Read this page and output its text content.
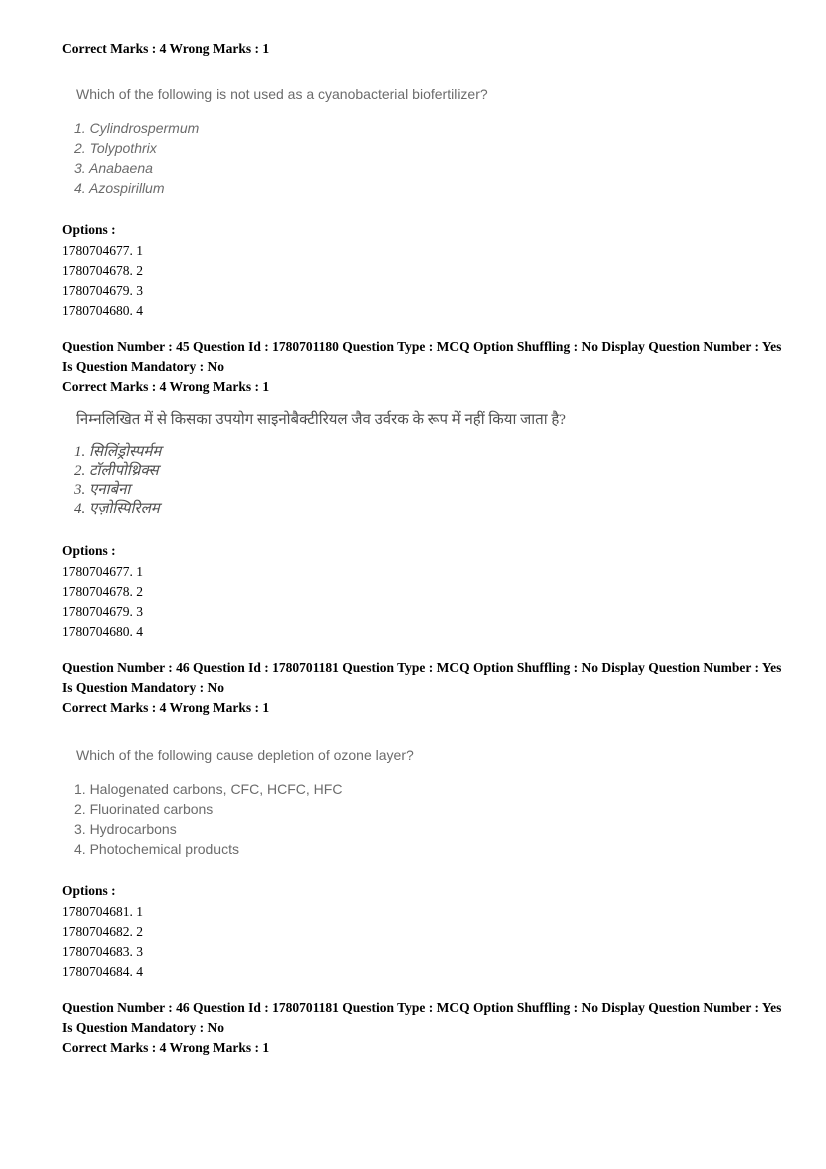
Correct Marks : 4 Wrong Marks : 1

Which of the following is not used as a cyanobacterial biofertilizer?

1. Cylindrospermum

2. Tolypothrix

3. Anabaena

4. Azospirillum

Options :

1780704677. 1

1780704678. 2

1780704679. 3

1780704680. 4

Question Number : 45 Question Id : 1780701180 Question Type : MCQ Option Shuffling : No Display Question Number : Yes

Is Question Mandatory : No

Correct Marks : 4 Wrong Marks : 1

निम्नलिखित में से किसका उपयोग साइनोबैक्टीरियल जैव उर्वरक के रूप में नहीं किया जाता है?

1. सिलिंड्रोस्पर्मम

2. टॉलीपोथ्रिक्स

3. एनाबेना

4. एज़ोस्पिरिलम

Options :

1780704677. 1

1780704678. 2

1780704679. 3

1780704680. 4

Question Number : 46 Question Id : 1780701181 Question Type : MCQ Option Shuffling : No Display Question Number : Yes

Is Question Mandatory : No

Correct Marks : 4 Wrong Marks : 1

Which of the following cause depletion of ozone layer?

1. Halogenated carbons, CFC, HCFC, HFC

2. Fluorinated carbons

3. Hydrocarbons

4. Photochemical products

Options :

1780704681. 1

1780704682. 2

1780704683. 3

1780704684. 4

Question Number : 46 Question Id : 1780701181 Question Type : MCQ Option Shuffling : No Display Question Number : Yes

Is Question Mandatory : No

Correct Marks : 4 Wrong Marks : 1
